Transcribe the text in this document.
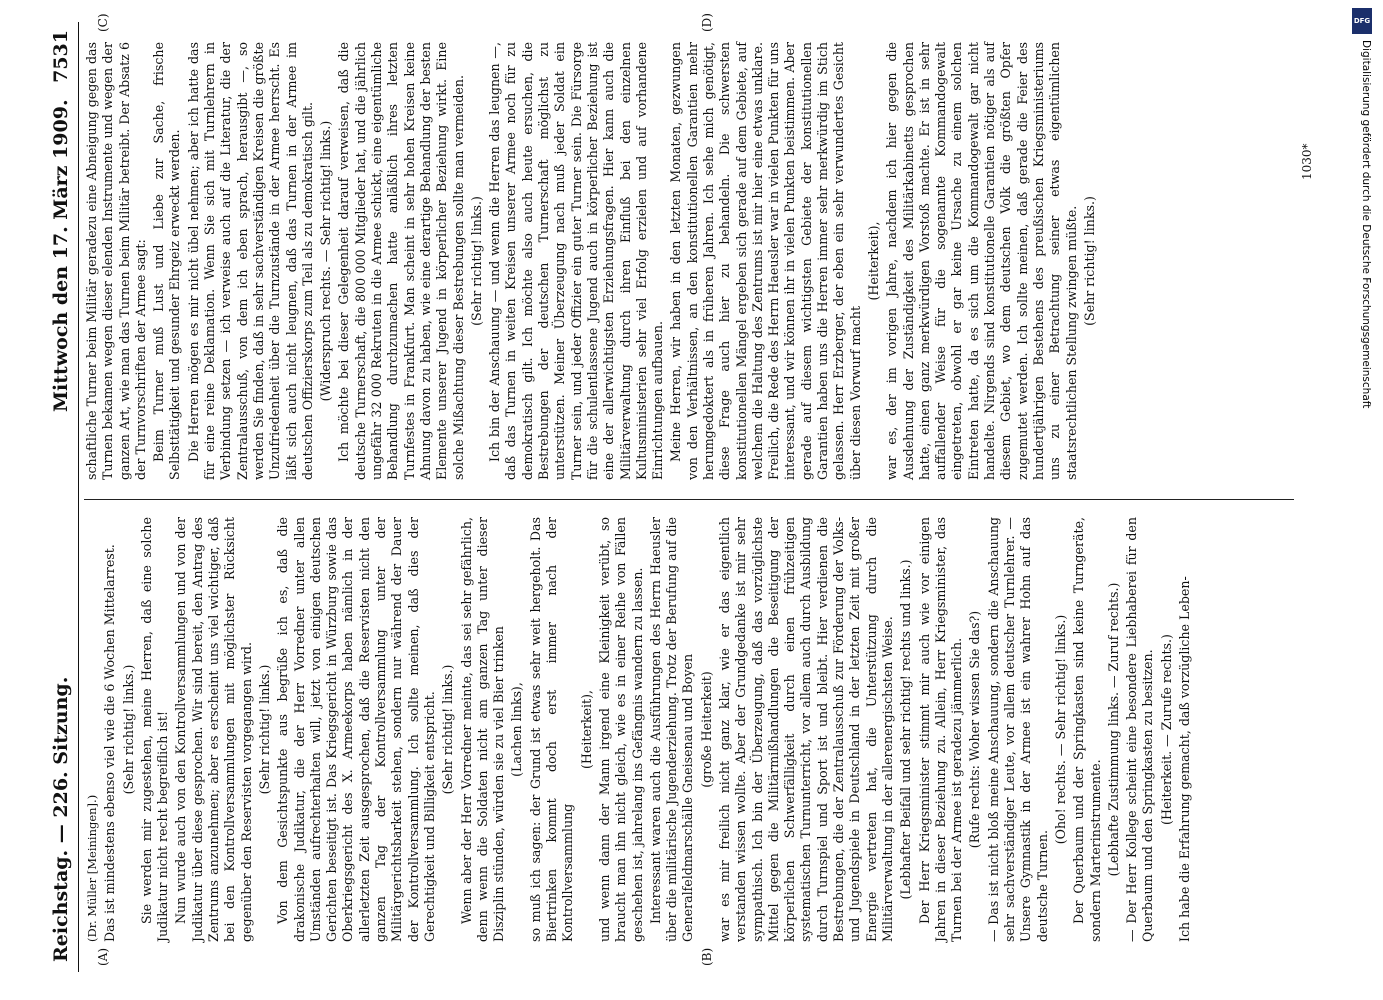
Reichstag. — 226. Sitzung.
Mittwoch den 17. März 1909.
7531
(A)	(B)
(C)	(D)

(Dr. Müller [Meiningen].) Das ist mindestens ebenso viel wie die 6 Wochen Mittelarrest. (Sehr richtig! links.) Sie werden mir zugestehen, meine Herren, daß eine solche Judikatur nicht recht begreiflich ist! Nun wurde auch von den Kontrollversammlungen und von der Judikatur über diese gesprochen. Wir sind bereit, den Antrag des Zentrums anzunehmen; aber es erscheint uns viel wichtiger, daß bei den Kontrollversammlungen mit möglichster Rücksicht gegenüber den Reservisten vorgegangen wird. (Sehr richtig! links.) Von dem Gesichtspunkte aus begrüße ich es, daß die drakonische Judikatur, die der Herr Vorredner unter allen Umständen aufrechterhalten will, jetzt von einigen deutschen Gerichten beseitigt ist. Das Kriegsgericht in Würzburg sowie das Oberkriegsgericht des X. Armeekorps haben nämlich in der allerletzten Zeit ausgesprochen, daß die Reservisten nicht den ganzen Tag der Kontrollversammlung unter der Militärgerichtsbarkeit stehen, sondern nur während der Dauer der Kontrollversammlung. Ich sollte meinen, daß dies der Gerechtigkeit und Billigkeit entspricht. (Sehr richtig! links.) Wenn aber der Herr Vorredner meinte, das sei sehr gefährlich, denn wenn die Soldaten nicht am ganzen Tag unter dieser Disziplin stünden, würden sie zu viel Bier trinken (Lachen links), so muß ich sagen: der Grund ist etwas sehr weit hergeholt. Das Biertrinken kommt doch erst immer nach der Kontrollversammlung

(Heiterkeit), und wenn dann der Mann irgend eine Kleinigkeit verübt, so braucht man ihn nicht gleich, wie es in einer Reihe von Fällen geschehen ist, jahrelang ins Gefängnis wandern zu lassen. Interessant waren auch die Ausführungen des Herrn Haeusler über die militärische Jugenderziehung. Trotz der Berufung auf die Generalfeldmarschälle Gneisenau und Boyen (große Heiterkeit) war es mir freilich nicht ganz klar, wie er das eigentlich verstanden wissen wollte. Aber der Grundgedanke ist mir sehr sympathisch. Ich bin der Überzeugung, daß das vorzüglichste Mittel gegen die Militärmißhandlungen die Beseitigung der körperlichen Schwerfälligkeit durch einen frühzeitigen systematischen Turnunterricht, vor allem auch durch Ausbildung durch Turnspiel und Sport ist und bleibt. Hier verdienen die Bestrebungen, die der Zentralausschuß zur Förderung der Volks- und Jugendspiele in Deutschland in der letzten Zeit mit großer Energie vertreten hat, die Unterstützung durch die Militärverwaltung in der allerenergischsten Weise. (Lebhafter Beifall und sehr richtig! rechts und links.) Der Herr Kriegsminister stimmt mir auch wie vor einigen Jahren in dieser Beziehung zu. Allein, Herr Kriegsminister, das Turnen bei der Armee ist geradezu jämmerlich. (Rufe rechts: Woher wissen Sie das?) — Das ist nicht bloß meine Anschauung, sondern die Anschauung sehr sachverständiger Leute, vor allem deutscher Turnlehrer. — Unsere Gymnastik in der Armee ist ein wahrer Hohn auf das deutsche Turnen.

(Oho! rechts. — Sehr richtig! links.) Der Querbaum und der Springkasten sind keine Turngeräte, sondern Marterinstrumente. (Lebhafte Zustimmung links. — Zuruf rechts.) — Der Herr Kollege scheint eine besondere Liebhaberei für den Querbaum und den Springkasten zu besitzen. (Heiterkeit. — Zurufe rechts.) Ich habe die Erfahrung gemacht, daß vorzügliche Leben-

schaftliche Turner beim Militär geradezu eine Abneigung gegen das Turnen bekamen wegen dieser elenden Instrumente und wegen der ganzen Art, wie man das Turnen beim Militär betreibt. Der Absatz 6 der Turnvorschriften der Armee sagt: Beim Turner muß Lust und Liebe zur Sache, frische Selbsttätigkeit und gesunder Ehrgeiz erweckt werden. Die Herren mögen es mir nicht übel nehmen; aber ich hatte das für eine reine Deklamation. Wenn Sie sich mit Turnlehrern in Verbindung setzen — ich verweise auch auf die Literatur, die der Zentralausschuß, von dem ich eben sprach, herausgibt —, so werden Sie finden, daß in sehr sachverständigen Kreisen die größte Unzufriedenheit über die Turnzustände in der Armee herrscht. Es läßt sich auch nicht leugnen, daß das Turnen in der Armee im deutschen Offizierskorps zum Teil als zu demokratisch gilt. (Widerspruch rechts. — Sehr richtig! links.) Ich möchte bei dieser Gelegenheit darauf verweisen, daß die deutsche Turnerschaft, die 800 000 Mitglieder hat, und die jährlich ungefähr 32 000 Rekruten in die Armee schickt, eine eigentümliche Behandlung durchzumachen hatte anläßlich ihres letzten Turnfestes in Frankfurt. Man scheint in sehr hohen Kreisen keine Ahnung davon zu haben, wie eine derartige Behandlung der besten Elemente unserer Jugend in körperlicher Beziehung wirkt. Eine solche Mißachtung dieser Bestrebungen sollte man vermeiden. (Sehr richtig! links.) Ich bin der Anschauung — und wenn die Herren das leugnen —, daß das Turnen in weiten Kreisen unserer Armee noch für zu demokratisch gilt. Ich möchte also auch heute ersuchen, die Bestrebungen der deutschen Turnerschaft möglichst zu unterstützen. Meiner Überzeugung nach muß jeder Soldat ein Turner sein, und jeder Offizier ein guter Turner sein. Die Fürsorge für die schulentlassene Jugend auch in körperlicher Beziehung ist eine der allerwichtigsten Erziehungsfragen. Hier kann auch die Militärverwaltung durch ihren Einfluß bei den einzelnen Kultusministerien sehr viel Erfolg erzielen und auf vorhandene Einrichtungen aufbauen. Meine Herren, wir haben in den letzten Monaten, gezwungen von den Verhältnissen, an den konstitutionellen Garantien mehr herumgedoktert als in früheren Jahren. Ich sehe mich genötigt, diese Frage auch hier zu behandeln. Die schwersten konstitutionellen Mängel ergeben sich gerade auf dem Gebiete, auf welchem die Haltung des Zentrums ist mir hier eine etwas unklare. Freilich, die Rede des Herrn Haeusler war in vielen Punkten für uns interessant, und wir können ihr in vielen Punkten beistimmen. Aber gerade auf diesem wichtigsten Gebiete der konstitutionellen Garantien haben uns die Herren immer sehr merkwürdig im Stich gelassen. Herr Erzberger, der eben ein sehr verwundertes Gesicht über diesen Vorwurf macht

(Heiterkeit), war es, der im vorigen Jahre, nachdem ich hier gegen die Ausdehnung der Zuständigkeit des Militärkabinetts gesprochen hatte, einen ganz merkwürdigen Vorstoß machte. Er ist in sehr auffallender Weise für die sogenannte Kommandogewalt eingetreten, obwohl er gar keine Ursache zu einem solchen Eintreten hatte, da es sich um die Kommandogewalt gar nicht handelte. Nirgends sind konstitutionelle Garantien nötiger als auf diesem Gebiet, wo dem deutschen Volk die größten Opfer zugemutet werden. Ich sollte meinen, daß gerade die Feier des hundertjährigen Bestehens des preußischen Kriegsministeriums uns zu einer Betrachtung seiner etwas eigentümlichen staatsrechtlichen Stellung zwingen müßte. (Sehr richtig! links.)

1030*
DFG
Digitalisierung gefördert durch die Deutsche Forschungsgemeinschaft
